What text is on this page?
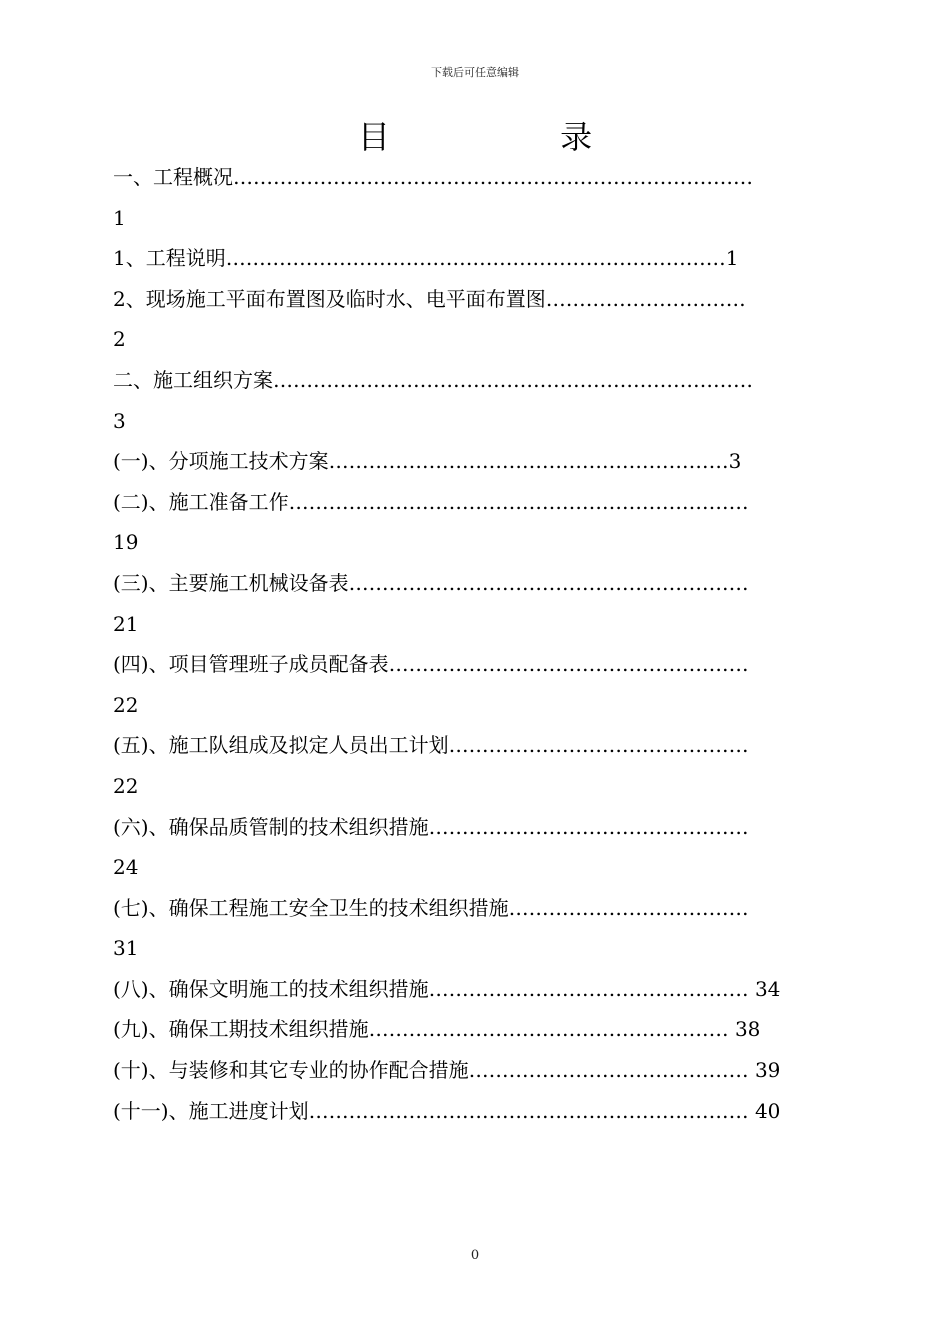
下载后可任意编辑
目 录
一、工程概况……………………………………………………………………
1
1、工程说明…………………………………………………………………1
2、现场施工平面布置图及临时水、电平面布置图…………………………
2
二、施工组织方案………………………………………………………………
3
(一)、分项施工技术方案……………………………………………………3
(二)、施工准备工作……………………………………………………………
19
(三)、主要施工机械设备表……………………………………………………
21
(四)、项目管理班子成员配备表………………………………………………
22
(五)、施工队组成及拟定人员出工计划………………………………………
22
(六)、确保品质管制的技术组织措施…………………………………………
24
(七)、确保工程施工安全卫生的技术组织措施………………………………
31
(八)、确保文明施工的技术组织措施………………………………………… 34
(九)、确保工期技术组织措施……………………………………………… 38
(十)、与装修和其它专业的协作配合措施…………………………………… 39
(十一)、施工进度计划………………………………………………………… 40
0
